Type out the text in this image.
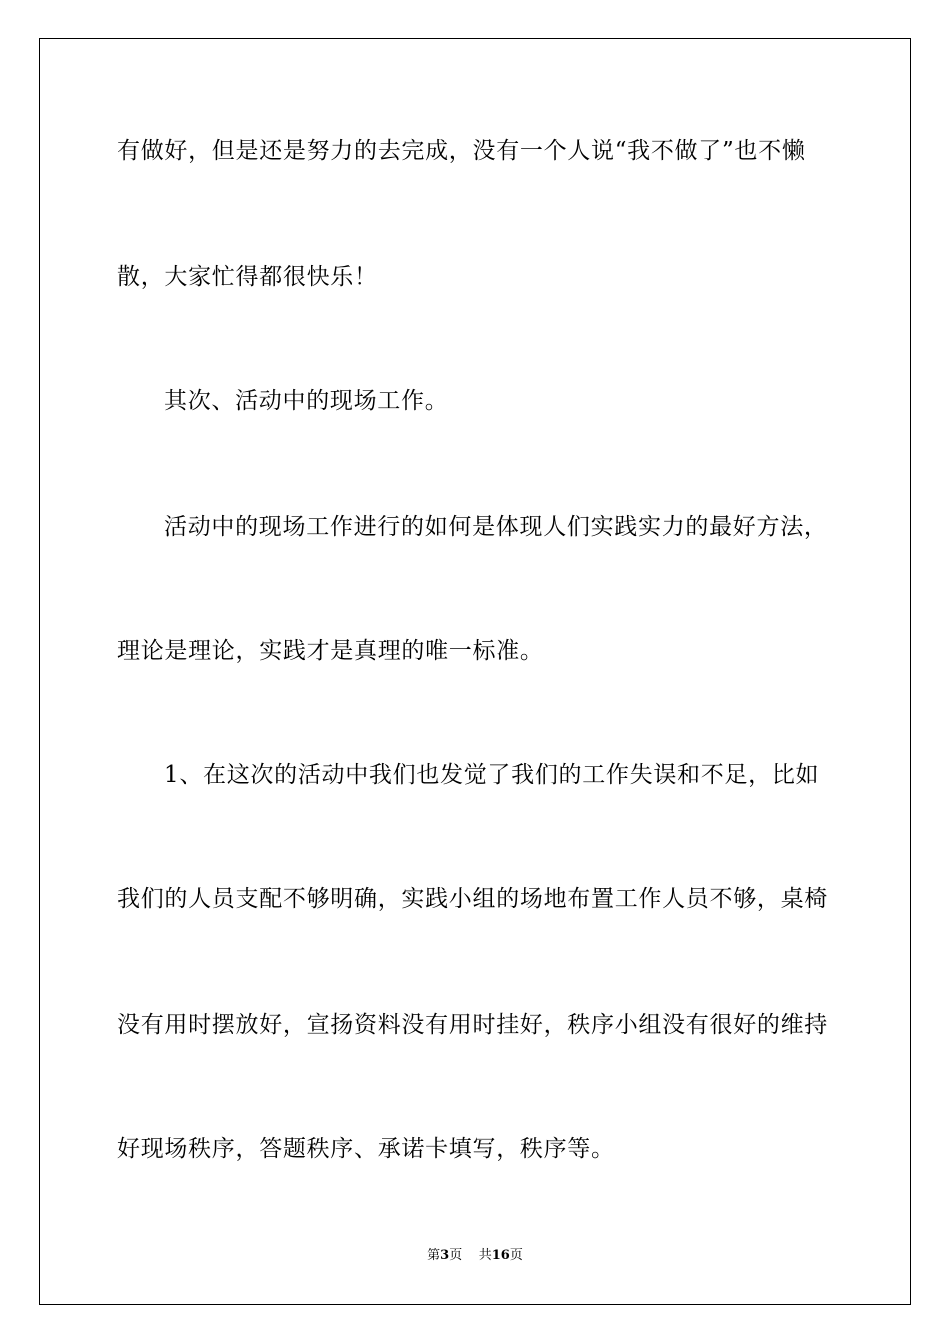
有做好，但是还是努力的去完成，没有一个人说“我不做了”也不懒
散，大家忙得都很快乐！
其次、活动中的现场工作。
活动中的现场工作进行的如何是体现人们实践实力的最好方法，
理论是理论，实践才是真理的唯一标准。
1、在这次的活动中我们也发觉了我们的工作失误和不足，比如
我们的人员支配不够明确，实践小组的场地布置工作人员不够，桌椅
没有用时摆放好，宣扬资料没有用时挂好，秩序小组没有很好的维持
好现场秩序，答题秩序、承诺卡填写，秩序等。
第3页 共16页
